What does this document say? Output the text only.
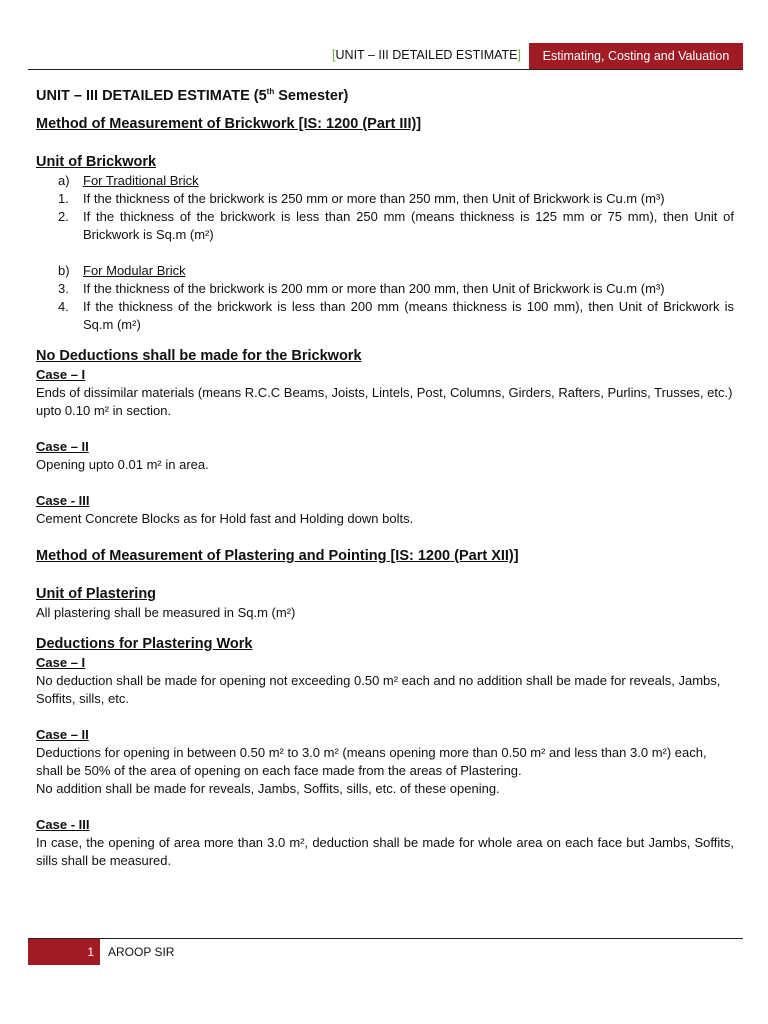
[UNIT – III DETAILED ESTIMATE]	Estimating, Costing and Valuation

UNIT – III DETAILED ESTIMATE (5th Semester)

Method of Measurement of Brickwork [IS: 1200 (Part III)]

Unit of Brickwork

a)	For Traditional Brick
1.	If the thickness of the brickwork is 250 mm or more than 250 mm, then Unit of Brickwork is Cu.m (m³)
2.	If the thickness of the brickwork is less than 250 mm (means thickness is 125 mm or 75 mm), then Unit of Brickwork is Sq.m (m²)
b)	For Modular Brick
3.	If the thickness of the brickwork is 200 mm or more than 200 mm, then Unit of Brickwork is Cu.m (m³)
4.	If the thickness of the brickwork is less than 200 mm (means thickness is 100 mm), then Unit of Brickwork is Sq.m (m²)

No Deductions shall be made for the Brickwork

Case – I

Ends of dissimilar materials (means R.C.C Beams, Joists, Lintels, Post, Columns, Girders, Rafters, Purlins, Trusses, etc.) upto 0.10 m² in section.

Case – II

Opening upto 0.01 m² in area.

Case - III

Cement Concrete Blocks as for Hold fast and Holding down bolts.

Method of Measurement of Plastering and Pointing [IS: 1200 (Part XII)]

Unit of Plastering

All plastering shall be measured in Sq.m (m²)

Deductions for Plastering Work

Case – I

No deduction shall be made for opening not exceeding 0.50 m² each and no addition shall be made for reveals, Jambs, Soffits, sills, etc.

Case – II

Deductions for opening in between 0.50 m² to 3.0 m² (means opening more than 0.50 m² and less than 3.0 m²) each, shall be 50% of the area of opening on each face made from the areas of Plastering.

No addition shall be made for reveals, Jambs, Soffits, sills, etc. of these opening.

Case - III

In case, the opening of area more than 3.0 m², deduction shall be made for whole area on each face but Jambs, Soffits, sills shall be measured.

1 AROOP SIR
